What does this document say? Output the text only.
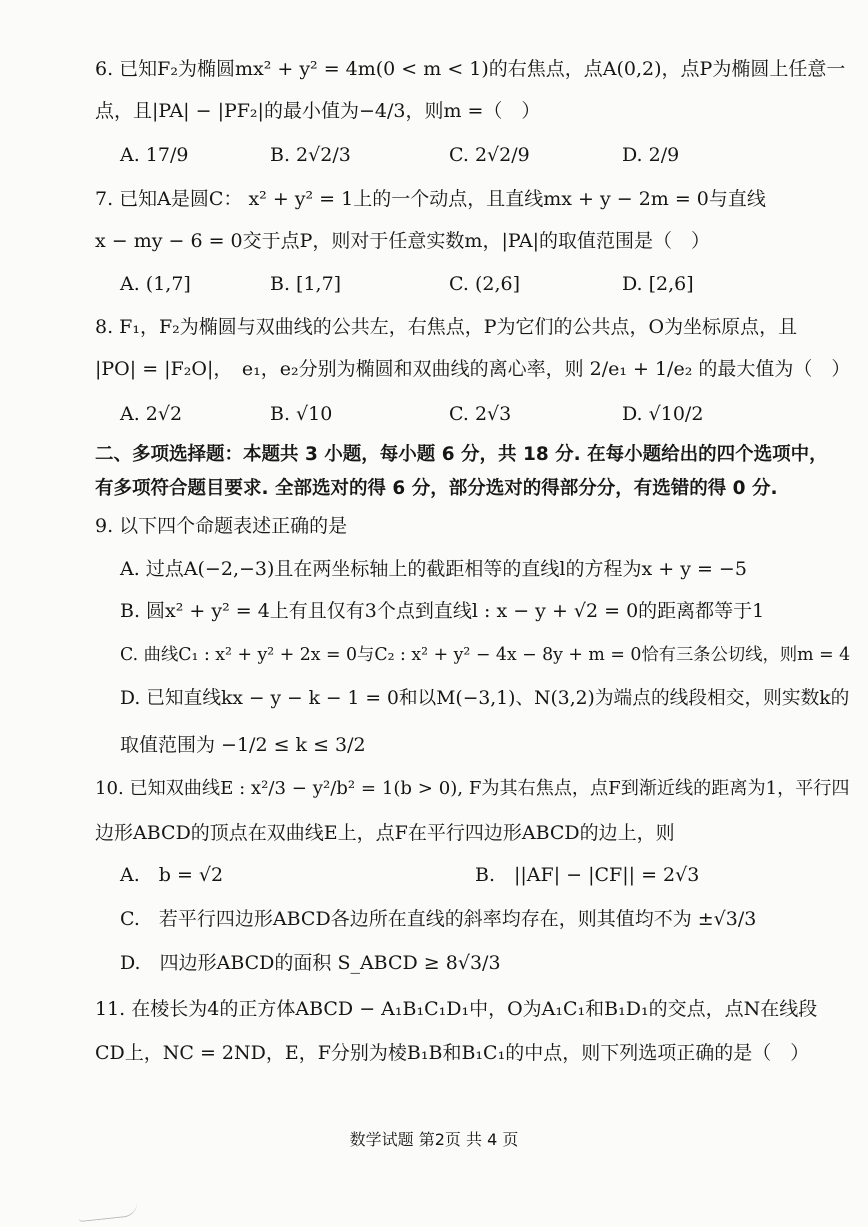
6. 已知F₂为椭圆mx² + y² = 4m(0 < m < 1)的右焦点，点A(0,2)，点P为椭圆上任意一
点，且|PA| − |PF₂|的最小值为−4/3，则m =（　）
A. 17/9	B. 2√2/3	C. 2√2/9	D. 2/9
7. 已知A是圆C： x² + y² = 1上的一个动点，且直线mx + y − 2m = 0与直线
x − my − 6 = 0交于点P，则对于任意实数m，|PA|的取值范围是（　）
A. (1,7]	B. [1,7]	C. (2,6]	D. [2,6]
8. F₁，F₂为椭圆与双曲线的公共左，右焦点，P为它们的公共点，O为坐标原点，且
|PO| = |F₂O|，　e₁，e₂分别为椭圆和双曲线的离心率，则 2/e₁ + 1/e₂ 的最大值为（　）
A. 2√2	B. √10	C. 2√3	D. √10/2
二、多项选择题：本题共 3 小题，每小题 6 分，共 18 分. 在每小题给出的四个选项中，
有多项符合题目要求. 全部选对的得 6 分，部分选对的得部分分，有选错的得 0 分.
9. 以下四个命题表述正确的是
A. 过点A(−2,−3)且在两坐标轴上的截距相等的直线l的方程为x + y = −5
B. 圆x² + y² = 4上有且仅有3个点到直线l : x − y + √2 = 0的距离都等于1
C. 曲线C₁ : x² + y² + 2x = 0与C₂ : x² + y² − 4x − 8y + m = 0恰有三条公切线，则m = 4
D. 已知直线kx − y − k − 1 = 0和以M(−3,1)、N(3,2)为端点的线段相交，则实数k的
取值范围为 −1/2 ≤ k ≤ 3/2
10. 已知双曲线E : x²/3 − y²/b² = 1(b > 0), F为其右焦点，点F到渐近线的距离为1，平行四
边形ABCD的顶点在双曲线E上，点F在平行四边形ABCD的边上，则
A.　b = √2	B.　||AF| − |CF|| = 2√3
C.　若平行四边形ABCD各边所在直线的斜率均存在，则其值均不为 ±√3/3
D.　四边形ABCD的面积 S_ABCD ≥ 8√3/3
11. 在棱长为4的正方体ABCD − A₁B₁C₁D₁中，O为A₁C₁和B₁D₁的交点，点N在线段
CD上，NC = 2ND，E，F分别为棱B₁B和B₁C₁的中点，则下列选项正确的是（　）
数学试题 第2页 共 4 页
